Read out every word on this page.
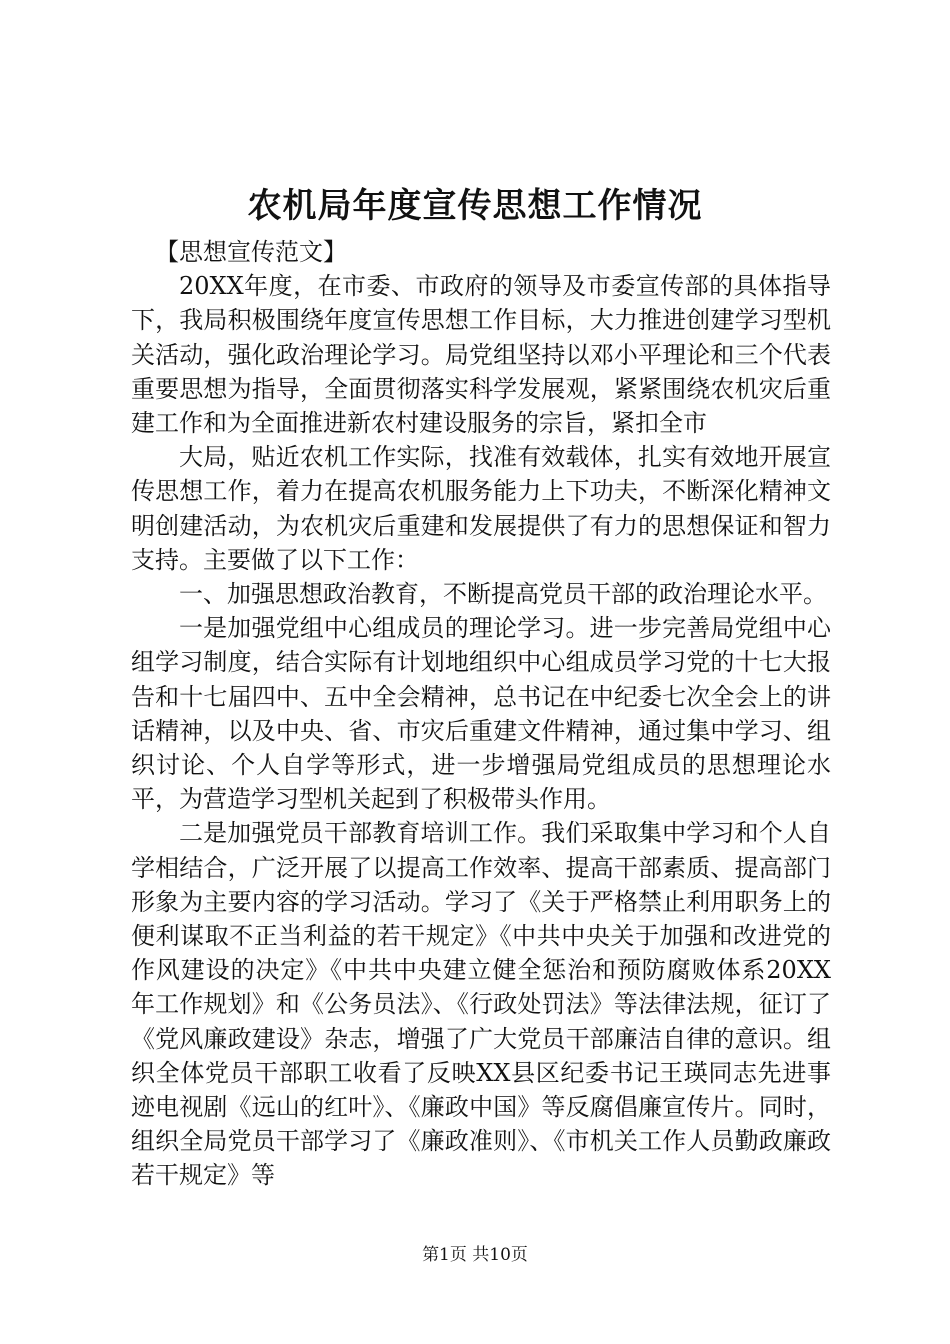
农机局年度宣传思想工作情况

【思想宣传范文】

20XX年度，在市委、市政府的领导及市委宣传部的具体指导下，我局积极围绕年度宣传思想工作目标，大力推进创建学习型机关活动，强化政治理论学习。局党组坚持以邓小平理论和三个代表重要思想为指导，全面贯彻落实科学发展观，紧紧围绕农机灾后重建工作和为全面推进新农村建设服务的宗旨，紧扣全市

大局，贴近农机工作实际，找准有效载体，扎实有效地开展宣传思想工作，着力在提高农机服务能力上下功夫，不断深化精神文明创建活动，为农机灾后重建和发展提供了有力的思想保证和智力支持。主要做了以下工作：

一、加强思想政治教育，不断提高党员干部的政治理论水平。

一是加强党组中心组成员的理论学习。进一步完善局党组中心组学习制度，结合实际有计划地组织中心组成员学习党的十七大报告和十七届四中、五中全会精神，总书记在中纪委七次全会上的讲话精神，以及中央、省、市灾后重建文件精神，通过集中学习、组织讨论、个人自学等形式，进一步增强局党组成员的思想理论水平，为营造学习型机关起到了积极带头作用。

二是加强党员干部教育培训工作。我们采取集中学习和个人自学相结合，广泛开展了以提高工作效率、提高干部素质、提高部门形象为主要内容的学习活动。学习了《关于严格禁止利用职务上的便利谋取不正当利益的若干规定》《中共中央关于加强和改进党的作风建设的决定》《中共中央建立健全惩治和预防腐败体系20XX年工作规划》和《公务员法》、《行政处罚法》等法律法规，征订了《党风廉政建设》杂志，增强了广大党员干部廉洁自律的意识。组织全体党员干部职工收看了反映XX县区纪委书记王瑛同志先进事迹电视剧《远山的红叶》、《廉政中国》等反腐倡廉宣传片。同时，组织全局党员干部学习了《廉政准则》、《市机关工作人员勤政廉政若干规定》等

第1页 共10页
